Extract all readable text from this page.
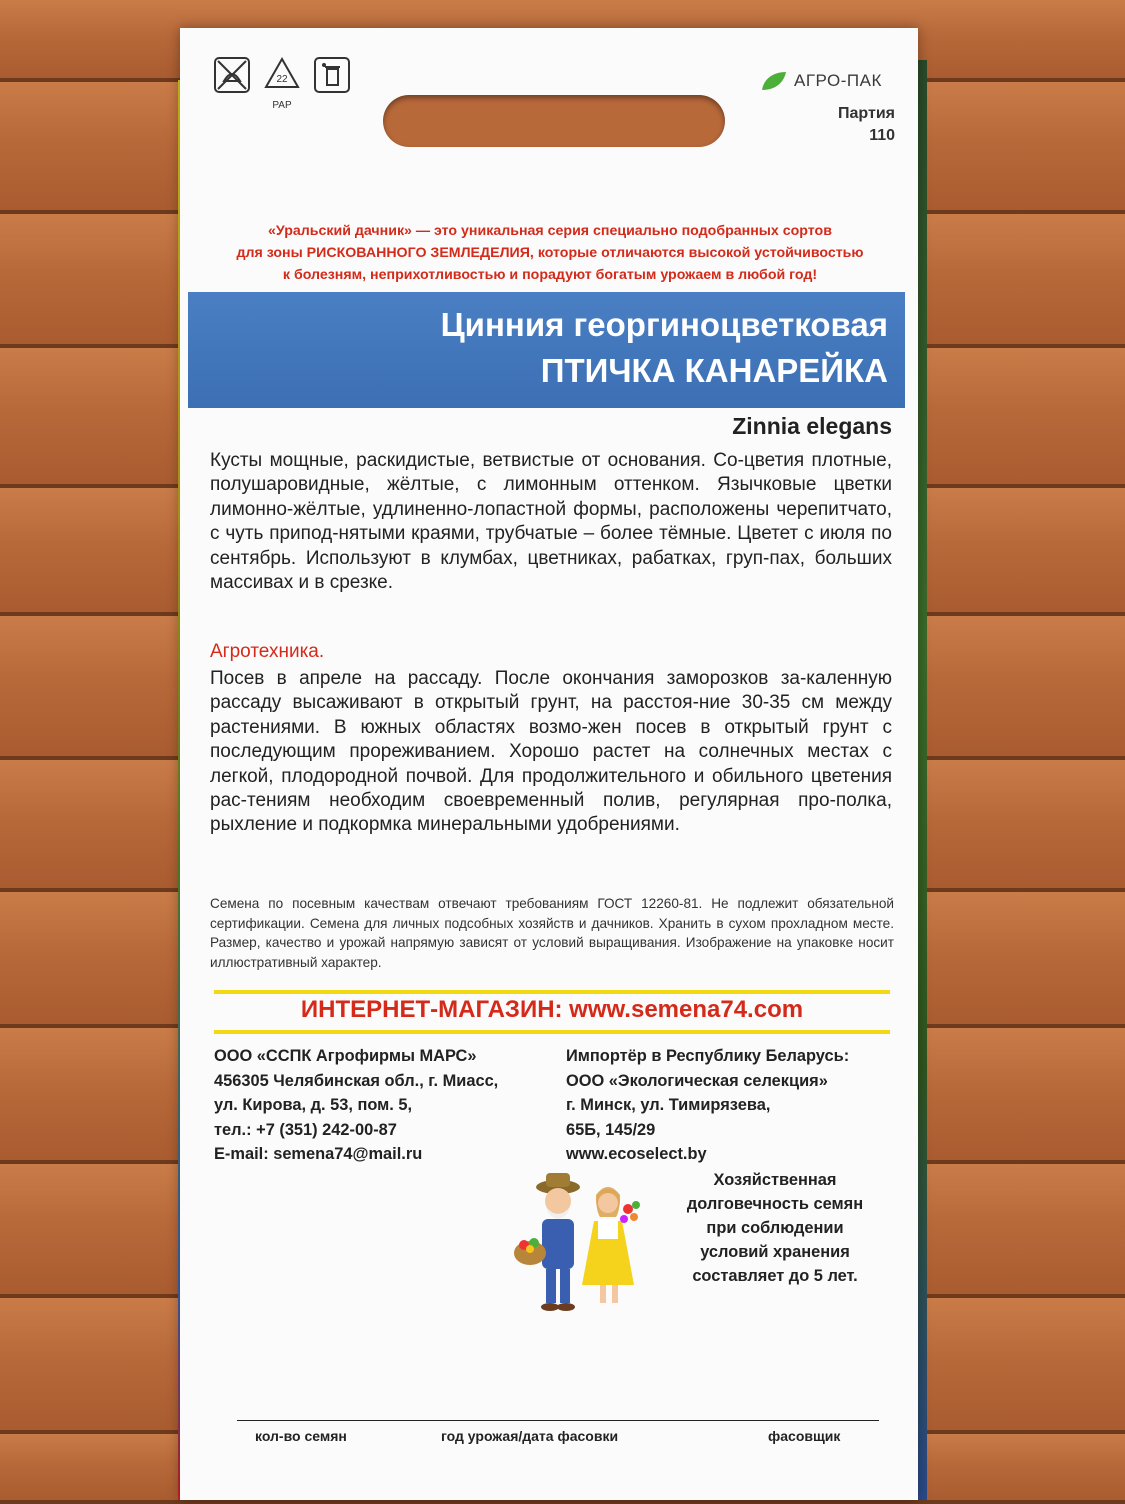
22
PAP
АГРО-ПАК
Партия
110
«Уральский дачник» — это уникальная серия специально подобранных сортов
для зоны РИСКОВАННОГО ЗЕМЛЕДЕЛИЯ, которые отличаются высокой устойчивостью
к болезням, неприхотливостью и порадуют богатым урожаем в любой год!
Цинния георгиноцветковая
ПТИЧКА КАНАРЕЙКА
Zinnia elegans
Кусты мощные, раскидистые, ветвистые от основания. Со-цветия плотные, полушаровидные, жёлтые, с лимонным оттенком. Язычковые цветки лимонно-жёлтые, удлиненно-лопастной формы, расположены черепитчато, с чуть припод-нятыми краями, трубчатые – более тёмные. Цветет с июля по сентябрь. Используют в клумбах, цветниках, рабатках, груп-пах, больших массивах и в срезке.
Агротехника.
Посев в апреле на рассаду. После окончания заморозков за-каленную рассаду высаживают в открытый грунт, на расстоя-ние 30-35 см между растениями. В южных областях возмо-жен посев в открытый грунт с последующим прореживанием. Хорошо растет на солнечных местах с легкой, плодородной почвой. Для продолжительного и обильного цветения рас-тениям необходим своевременный полив, регулярная про-полка, рыхление и подкормка минеральными удобрениями.
Семена по посевным качествам отвечают требованиям ГОСТ 12260-81. Не подлежит обязательной сертификации. Семена для личных подсобных хозяйств и дачников. Хранить в сухом прохладном месте. Размер, качество и урожай напрямую зависят от условий выращивания. Изображение на упаковке носит иллюстративный характер.
ИНТЕРНЕТ-МАГАЗИН: www.semena74.com
ООО «ССПК Агрофирмы МАРС»
456305 Челябинская обл., г. Миасс,
ул. Кирова, д. 53, пом. 5,
тел.: +7 (351) 242-00-87
E-mail: semena74@mail.ru
Импортёр в Республику Беларусь:
ООО «Экологическая селекция»
г. Минск, ул. Тимирязева,
65Б, 145/29
www.ecoselect.by
Хозяйственная
долговечность семян
при соблюдении
условий хранения
составляет до 5 лет.
кол-во семян	год урожая/дата фасовки	фасовщик
